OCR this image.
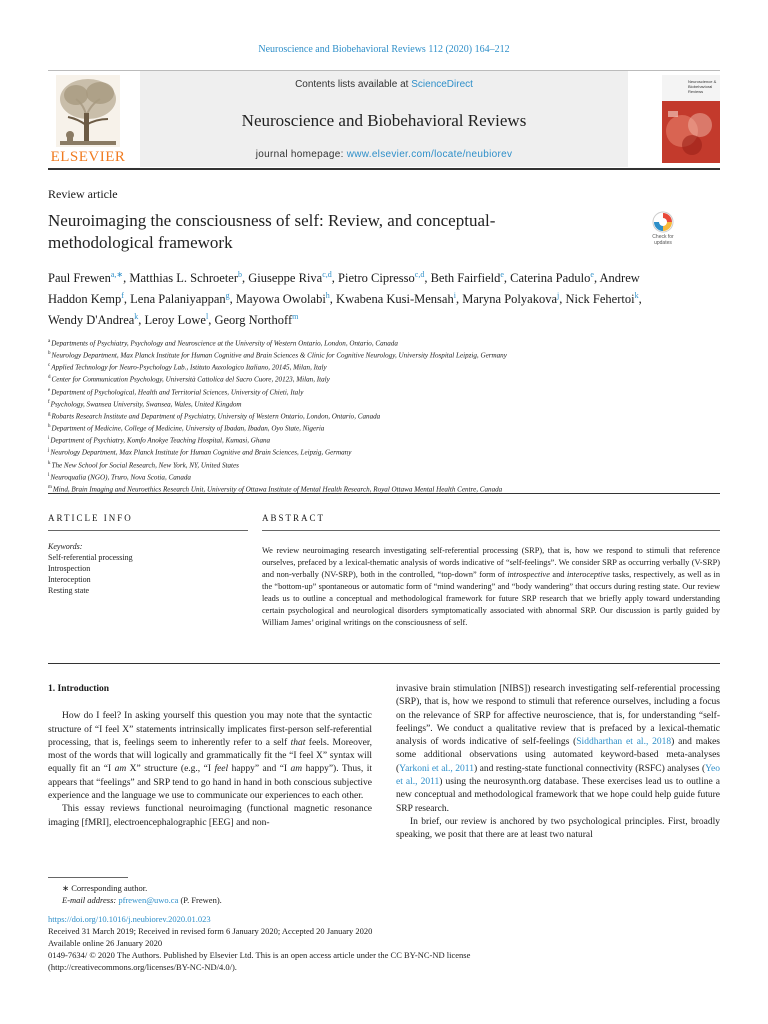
Neuroscience and Biobehavioral Reviews 112 (2020) 164–212
ELSEVIER
Contents lists available at ScienceDirect
Neuroscience and Biobehavioral Reviews
journal homepage: www.elsevier.com/locate/neubiorev
Neuroscience & Biobehavioral Reviews
Review article
Neuroimaging the consciousness of self: Review, and conceptual-methodological framework	Check for updates
Paul Frewen$^{a,∗}$, Matthias L. Schroeter$^b$, Giuseppe Riva$^{c,d}$, Pietro Cipresso$^{c,d}$, Beth Fairfield$^e$, Caterina Padulo$^e$, Andrew Haddon Kemp$^f$, Lena Palaniyappan$^g$, Mayowa Owolabi$^h$, Kwabena Kusi-Mensah$^i$, Maryna Polyakova$^j$, Nick Fehertoi$^k$, Wendy D'Andrea$^k$, Leroy Lowe$^l$, Georg Northoff$^m$
$^a$Departments of Psychiatry, Psychology and Neuroscience at the University of Western Ontario, London, Ontario, Canada
$^b$Neurology Department, Max Planck Institute for Human Cognitive and Brain Sciences & Clinic for Cognitive Neurology, University Hospital Leipzig, Germany
$^c$Applied Technology for Neuro-Psychology Lab., Istituto Auxologico Italiano, 20145, Milan, Italy
$^d$Center for Communication Psychology, Università Cattolica del Sacro Cuore, 20123, Milan, Italy
$^e$Department of Psychological, Health and Territorial Sciences, University of Chieti, Italy
$^f$Psychology, Swansea University, Swansea, Wales, United Kingdom
$^g$Robarts Research Institute and Department of Psychiatry, University of Western Ontario, London, Ontario, Canada
$^h$Department of Medicine, College of Medicine, University of Ibadan, Ibadan, Oyo State, Nigeria
$^i$Department of Psychiatry, Komfo Anokye Teaching Hospital, Kumasi, Ghana
$^j$Neurology Department, Max Planck Institute for Human Cognitive and Brain Sciences, Leipzig, Germany
$^k$The New School for Social Research, New York, NY, United States
$^l$Neuroqualia (NGO), Truro, Nova Scotia, Canada
$^m$Mind, Brain Imaging and Neuroethics Research Unit, University of Ottawa Institute of Mental Health Research, Royal Ottawa Mental Health Centre, Canada
ARTICLE INFO	ABSTRACT
Keywords:
Self-referential processing
Introspection
Interoception
Resting state
We review neuroimaging research investigating self-referential processing (SRP), that is, how we respond to stimuli that reference ourselves, prefaced by a lexical-thematic analysis of words indicative of “self-feelings”. We consider SRP as occurring verbally (V-SRP) and non-verbally (NV-SRP), both in the controlled, “top-down” form of introspective and interoceptive tasks, respectively, as well as in the “bottom-up” spontaneous or automatic form of “mind wandering” and “body wandering” that occurs during resting state. Our review leads us to outline a conceptual and methodological framework for future SRP research that we briefly apply toward understanding certain psychological and neurological disorders symptomatically associated with abnormal SRP. Our discussion is partly guided by William James’ original writings on the consciousness of self.
1. Introduction
How do I feel? In asking yourself this question you may note that the syntactic structure of “I feel X” statements intrinsically implicates first-person self-referential processing, that is, feelings seem to inherently refer to a self that feels. Moreover, most of the words that will logically and grammatically fit the “I feel X” syntax will equally fit an “I am X” structure (e.g., “I feel happy” and “I am happy”). Thus, it appears that “feelings” and SRP tend to go hand in hand in both conscious subjective experience and the language we use to communicate our experiences to each other.
This essay reviews functional neuroimaging (functional magnetic resonance imaging [fMRI], electroencephalographic [EEG] and non-
invasive brain stimulation [NIBS]) research investigating self-referential processing (SRP), that is, how we respond to stimuli that reference ourselves, including a focus on the relevance of SRP for affective neuroscience, that is, for understanding “self-feelings”. We conduct a qualitative review that is prefaced by a lexical-thematic analysis of words indicative of self-feelings (Siddharthan et al., 2018) and makes some additional observations using automated keyword-based meta-analyses (Yarkoni et al., 2011) and resting-state functional connectivity (RSFC) analyses (Yeo et al., 2011) using the neurosynth.org database. These exercises lead us to outline a new conceptual and methodological framework that we hope could help guide future SRP research.
In brief, our review is anchored by two psychological principles. First, broadly speaking, we posit that there are at least two natural
∗ Corresponding author.
E-mail address: pfrewen@uwo.ca (P. Frewen).
https://doi.org/10.1016/j.neubiorev.2020.01.023
Received 31 March 2019; Received in revised form 6 January 2020; Accepted 20 January 2020
Available online 26 January 2020
0149-7634/ © 2020 The Authors. Published by Elsevier Ltd. This is an open access article under the CC BY-NC-ND license
(http://creativecommons.org/licenses/BY-NC-ND/4.0/).
